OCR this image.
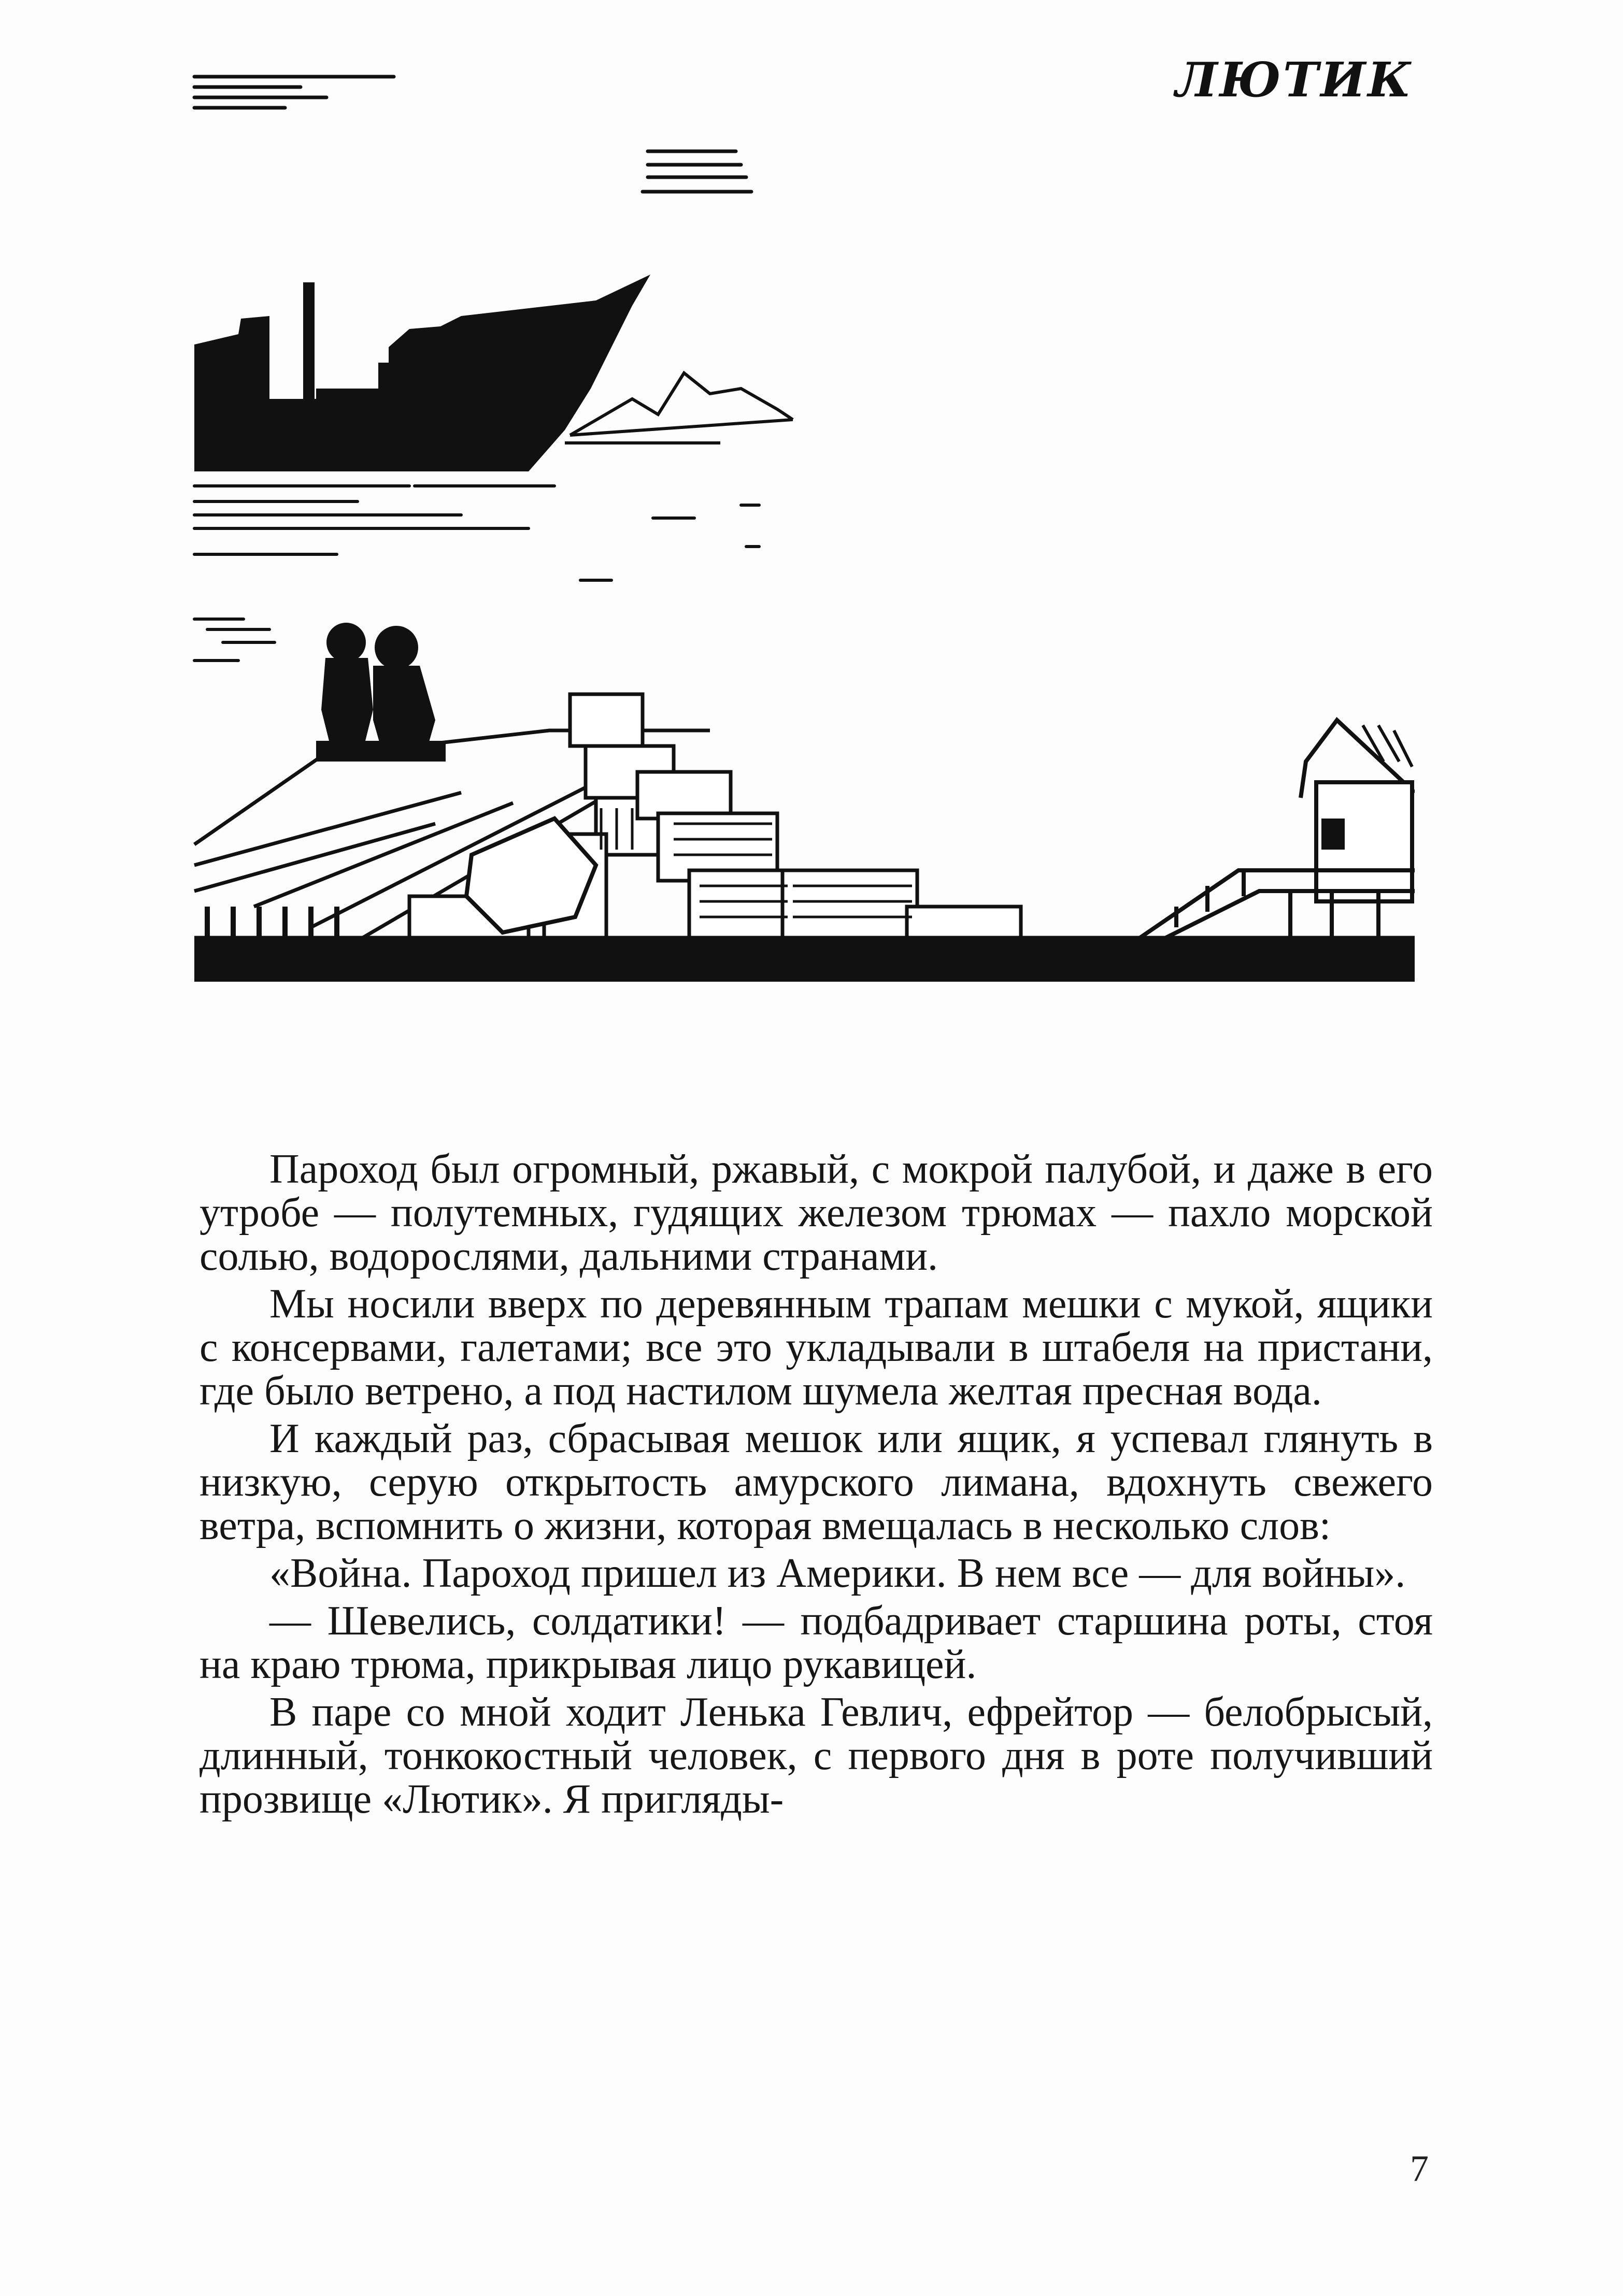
ЛЮТИК

Пароход был огромный, ржавый, с мокрой палубой, и даже в его утробе — полутемных, гудящих железом трюмах — пахло морской солью, водорослями, дальними странами.

Мы носили вверх по деревянным трапам мешки с мукой, ящики с консервами, галетами; все это укладывали в штабеля на пристани, где было ветрено, а под настилом шумела желтая пресная вода.

И каждый раз, сбрасывая мешок или ящик, я успевал глянуть в низкую, серую открытость амурского лимана, вдохнуть свежего ветра, вспомнить о жизни, которая вмещалась в несколько слов:

«Война. Пароход пришел из Америки. В нем все — для войны».

— Шевелись, солдатики! — подбадривает старшина роты, стоя на краю трюма, прикрывая лицо рукавицей.

В паре со мной ходит Ленька Гевлич, ефрейтор — белобрысый, длинный, тонкокостный человек, с первого дня в роте получивший прозвище «Лютик». Я пригляды-

7
